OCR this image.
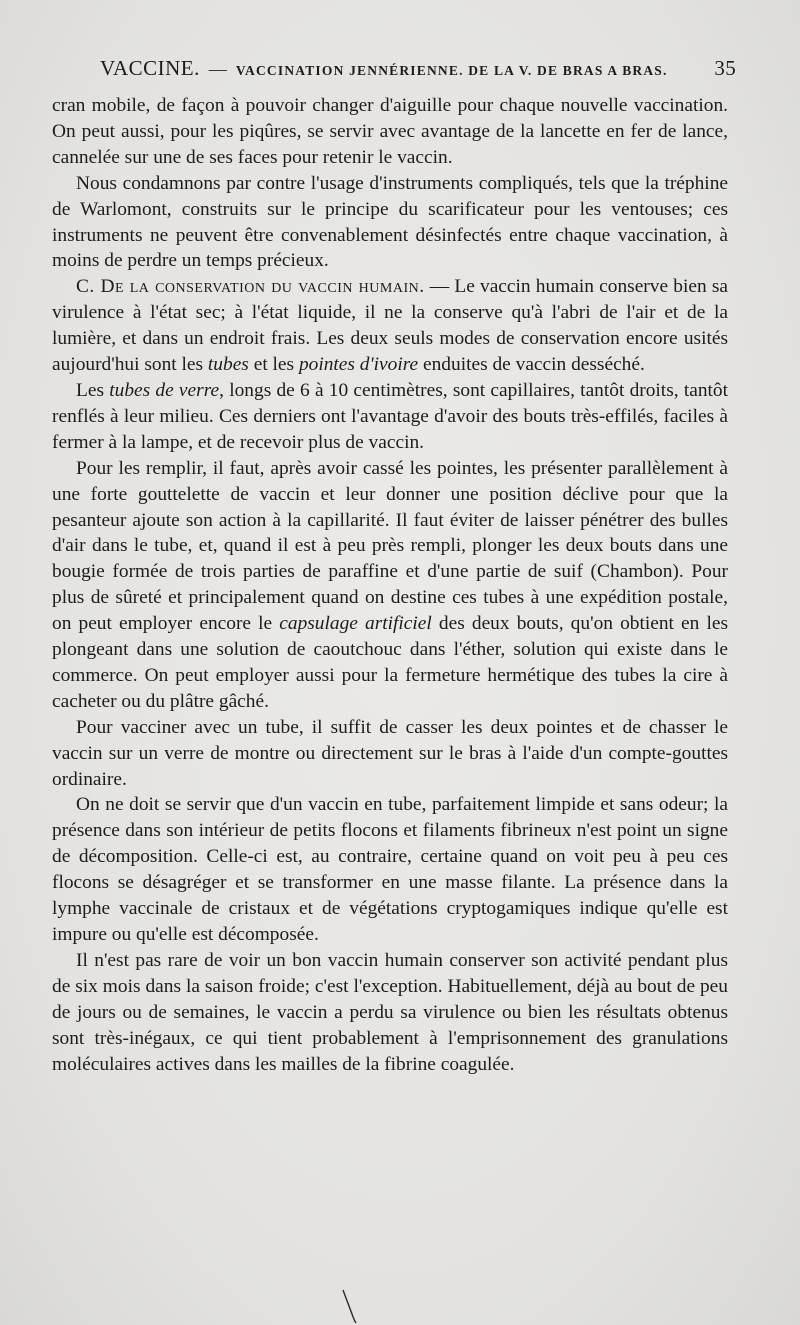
VACCINE. — VACCINATION JENNÉRIENNE. DE LA V. DE BRAS A BRAS. 35

cran mobile, de façon à pouvoir changer d'aiguille pour chaque nouvelle vaccination. On peut aussi, pour les piqûres, se servir avec avantage de la lancette en fer de lance, cannelée sur une de ses faces pour retenir le vaccin.

Nous condamnons par contre l'usage d'instruments compliqués, tels que la tréphine de Warlomont, construits sur le principe du scarificateur pour les ventouses; ces instruments ne peuvent être convenablement désinfectés entre chaque vaccination, à moins de perdre un temps précieux.

C. De la conservation du vaccin humain. — Le vaccin humain conserve bien sa virulence à l'état sec; à l'état liquide, il ne la conserve qu'à l'abri de l'air et de la lumière, et dans un endroit frais. Les deux seuls modes de conservation encore usités aujourd'hui sont les tubes et les pointes d'ivoire enduites de vaccin desséché.

Les tubes de verre, longs de 6 à 10 centimètres, sont capillaires, tantôt droits, tantôt renflés à leur milieu. Ces derniers ont l'avantage d'avoir des bouts très-effilés, faciles à fermer à la lampe, et de recevoir plus de vaccin.

Pour les remplir, il faut, après avoir cassé les pointes, les présenter parallèlement à une forte gouttelette de vaccin et leur donner une position déclive pour que la pesanteur ajoute son action à la capillarité. Il faut éviter de laisser pénétrer des bulles d'air dans le tube, et, quand il est à peu près rempli, plonger les deux bouts dans une bougie formée de trois parties de paraffine et d'une partie de suif (Chambon). Pour plus de sûreté et principalement quand on destine ces tubes à une expédition postale, on peut employer encore le capsulage artificiel des deux bouts, qu'on obtient en les plongeant dans une solution de caoutchouc dans l'éther, solution qui existe dans le commerce. On peut employer aussi pour la fermeture hermétique des tubes la cire à cacheter ou du plâtre gâché.

Pour vacciner avec un tube, il suffit de casser les deux pointes et de chasser le vaccin sur un verre de montre ou directement sur le bras à l'aide d'un compte-gouttes ordinaire.

On ne doit se servir que d'un vaccin en tube, parfaitement limpide et sans odeur; la présence dans son intérieur de petits flocons et filaments fibrineux n'est point un signe de décomposition. Celle-ci est, au contraire, certaine quand on voit peu à peu ces flocons se désagréger et se transformer en une masse filante. La présence dans la lymphe vaccinale de cristaux et de végétations cryptogamiques indique qu'elle est impure ou qu'elle est décomposée.

Il n'est pas rare de voir un bon vaccin humain conserver son activité pendant plus de six mois dans la saison froide; c'est l'exception. Habituellement, déjà au bout de peu de jours ou de semaines, le vaccin a perdu sa virulence ou bien les résultats obtenus sont très-inégaux, ce qui tient probablement à l'emprisonnement des granulations moléculaires actives dans les mailles de la fibrine coagulée.
